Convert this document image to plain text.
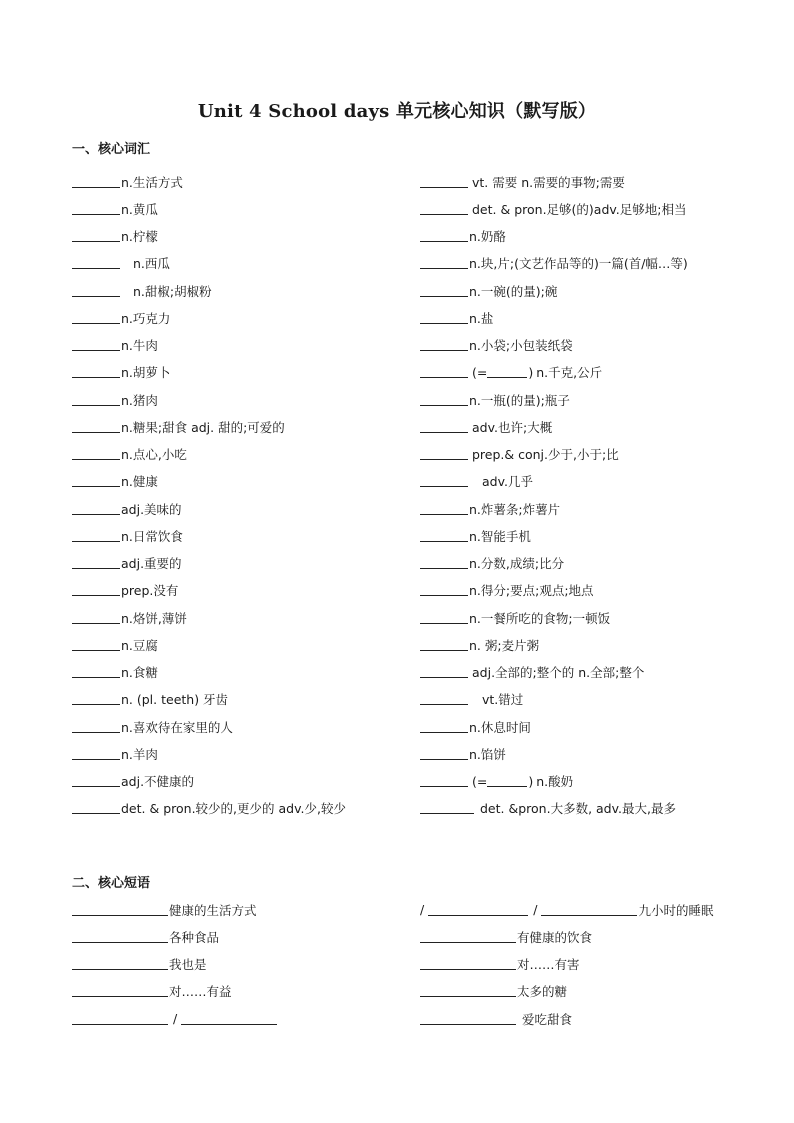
Unit 4 School days 单元核心知识（默写版）
一、核心词汇
二、核心短语
n.生活方式
n.黄瓜
n.柠檬
n.西瓜
n.甜椒;胡椒粉
n.巧克力
n.牛肉
n.胡萝卜
n.猪肉
n.糖果;甜食 adj. 甜的;可爱的
n.点心,小吃
n.健康
adj.美味的
n.日常饮食
adj.重要的
prep.没有
n.烙饼,薄饼
n.豆腐
n.食糖
n. (pl. teeth) 牙齿
n.喜欢待在家里的人
n.羊肉
adj.不健康的
det. & pron.较少的,更少的 adv.少,较少
vt. 需要 n.需要的事物;需要
det. & pron.足够(的)adv.足够地;相当
n.奶酪
n.块,片;(文艺作品等的)一篇(首/幅…等)
n.一碗(的量);碗
n.盐
n.小袋;小包装纸袋
(=	) n.千克,公斤
n.一瓶(的量);瓶子
adv.也许;大概
prep.& conj.少于,小于;比
adv.几乎
n.炸薯条;炸薯片
n.智能手机
n.分数,成绩;比分
n.得分;要点;观点;地点
n.一餐所吃的食物;一顿饭
n. 粥;麦片粥
adj.全部的;整个的 n.全部;整个
vt.错过
n.休息时间
n.馅饼
(=	) n.酸奶
det. &pron.大多数, adv.最大,最多
健康的生活方式
各种食品
我也是
对……有益
/
/	/	九小时的睡眠
有健康的饮食
对……有害
太多的糖
爱吃甜食
